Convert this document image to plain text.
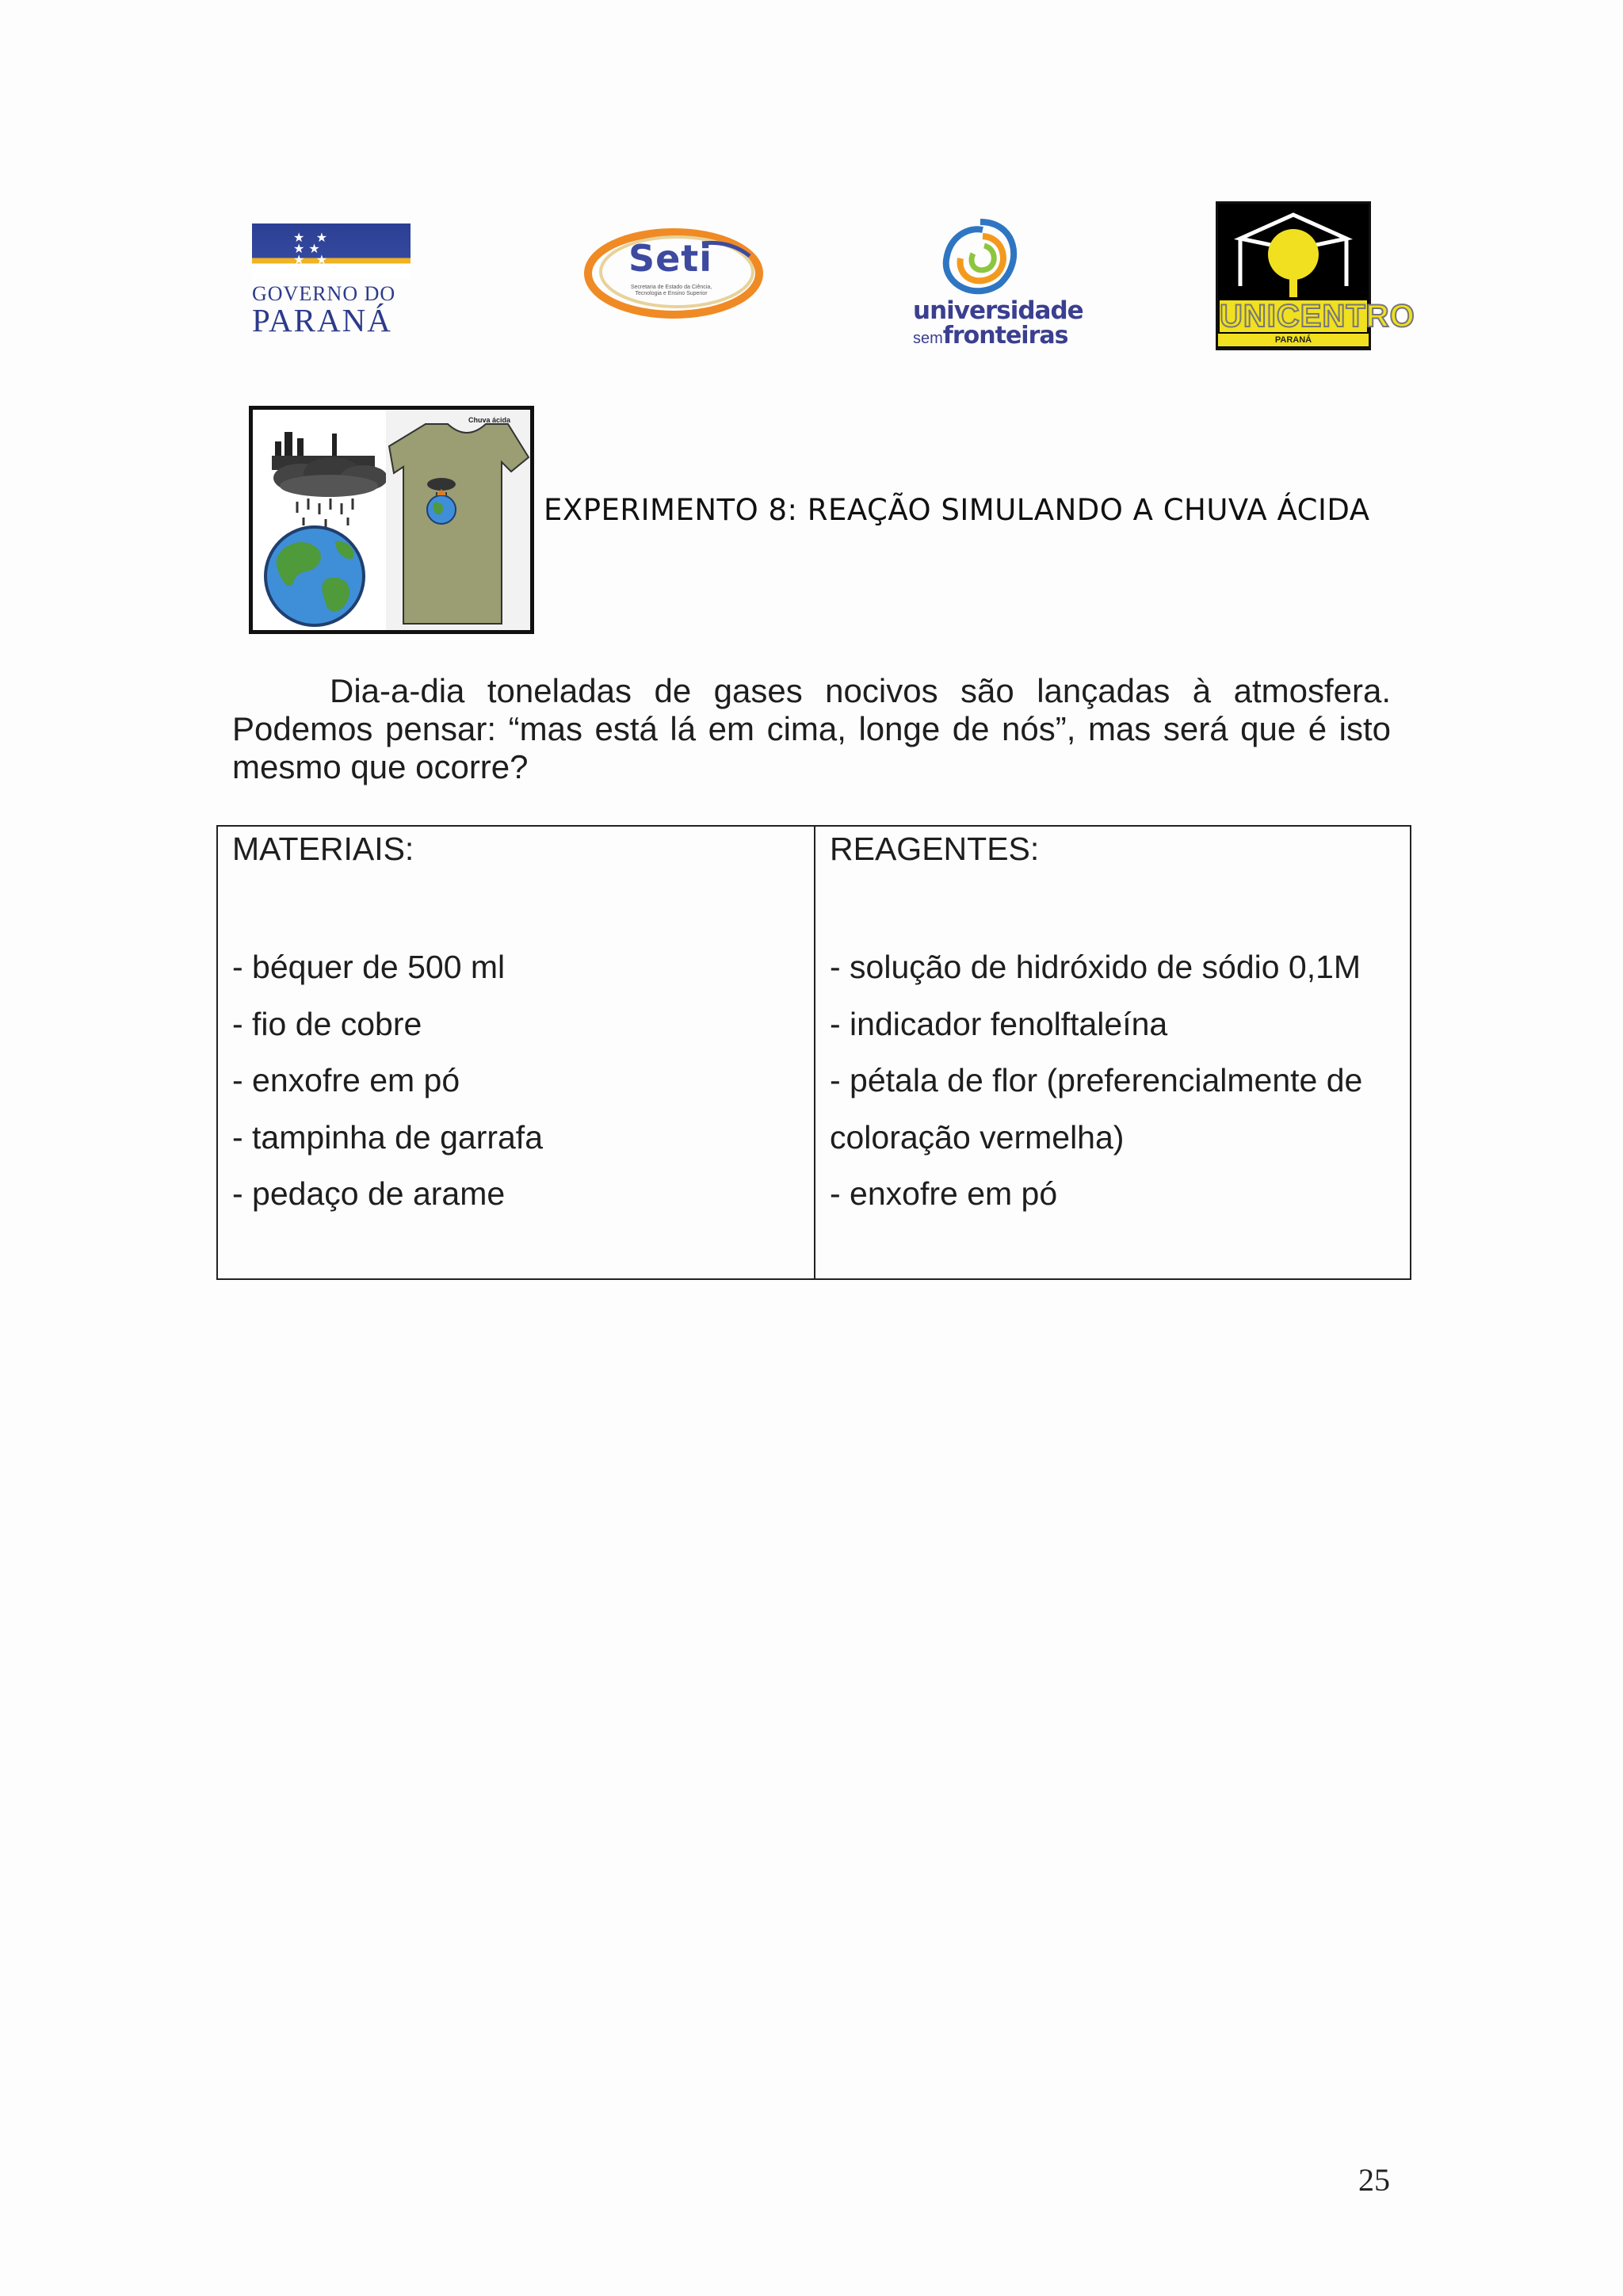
★ ★
★★
★ ★
GOVERNO DO
PARANÁ
Seti
Secretaria de Estado da Ciência, Tecnologia e Ensino Superior
universidade
semfronteiras
UNICENTRO
PARANÁ
Chuva ácida
EXPERIMENTO 8: REAÇÃO SIMULANDO A CHUVA ÁCIDA

Dia-a-dia toneladas de gases nocivos são lançadas à atmosfera. Podemos pensar: “mas está lá em cima, longe de nós”, mas será que é isto mesmo que ocorre?

MATERIAIS:
- béquer de 500 ml
- fio de cobre
- enxofre em pó
- tampinha de garrafa
- pedaço de arame
REAGENTES:
- solução de hidróxido de sódio 0,1M
- indicador fenolftaleína
- pétala de flor (preferencialmente de
coloração vermelha)
- enxofre em pó
25
